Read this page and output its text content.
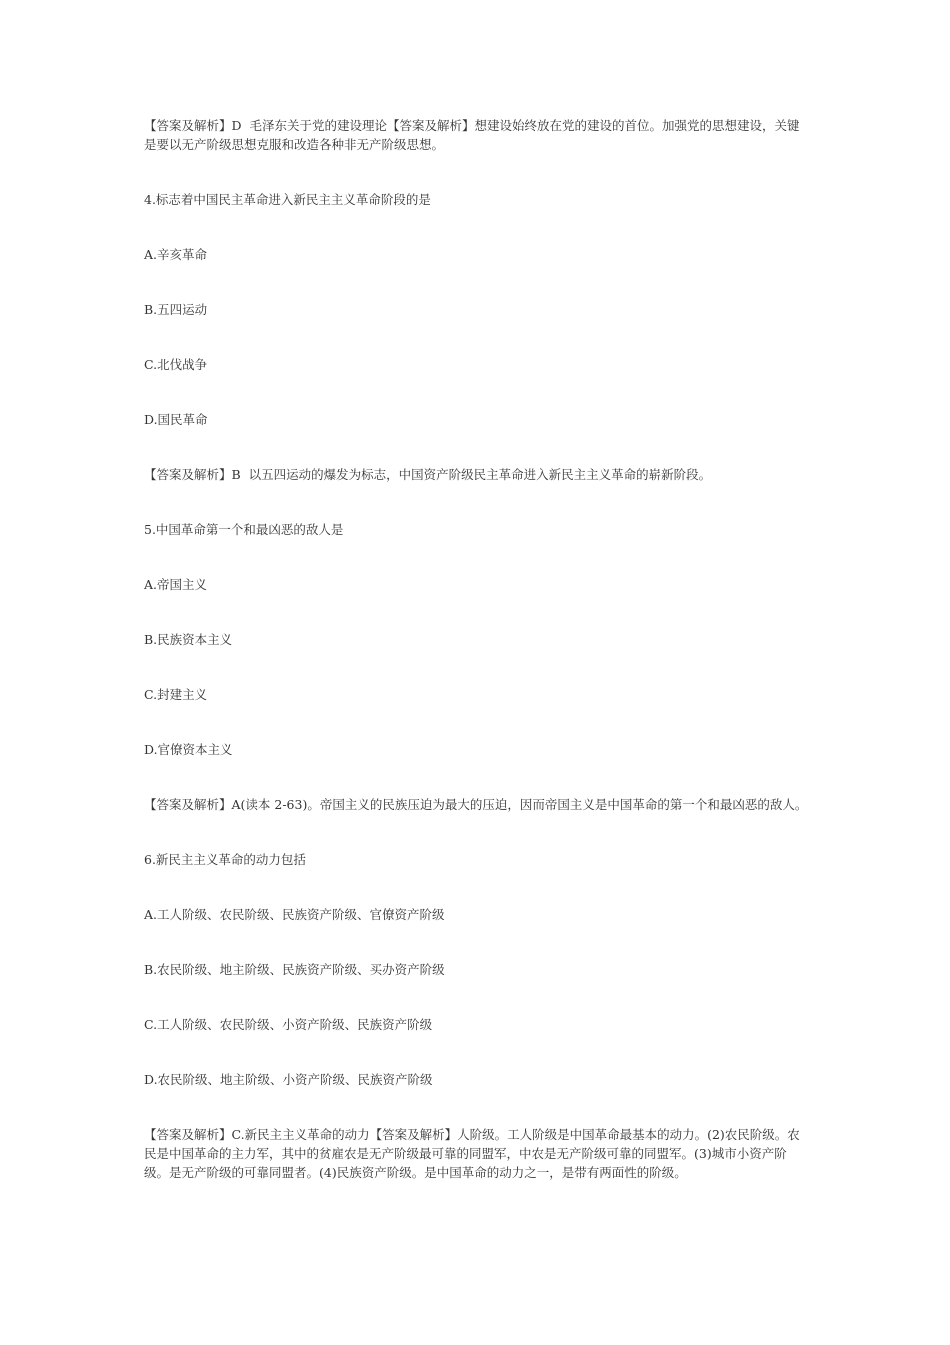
【答案及解析】D  毛泽东关于党的建设理论【答案及解析】想建设始终放在党的建设的首位。加强党的思想建设，关键是要以无产阶级思想克服和改造各种非无产阶级思想。

4.标志着中国民主革命进入新民主主义革命阶段的是

A.辛亥革命

B.五四运动

C.北伐战争

D.国民革命

【答案及解析】B  以五四运动的爆发为标志，中国资产阶级民主革命进入新民主主义革命的崭新阶段。

5.中国革命第一个和最凶恶的敌人是

A.帝国主义

B.民族资本主义

C.封建主义

D.官僚资本主义

【答案及解析】A(读本 2-63)。帝国主义的民族压迫为最大的压迫，因而帝国主义是中国革命的第一个和最凶恶的敌人。

6.新民主主义革命的动力包括

A.工人阶级、农民阶级、民族资产阶级、官僚资产阶级

B.农民阶级、地主阶级、民族资产阶级、买办资产阶级

C.工人阶级、农民阶级、小资产阶级、民族资产阶级

D.农民阶级、地主阶级、小资产阶级、民族资产阶级

【答案及解析】C.新民主主义革命的动力【答案及解析】人阶级。工人阶级是中国革命最基本的动力。(2)农民阶级。农民是中国革命的主力军，其中的贫雇农是无产阶级最可靠的同盟军，中农是无产阶级可靠的同盟军。(3)城市小资产阶级。是无产阶级的可靠同盟者。(4)民族资产阶级。是中国革命的动力之一，是带有两面性的阶级。
